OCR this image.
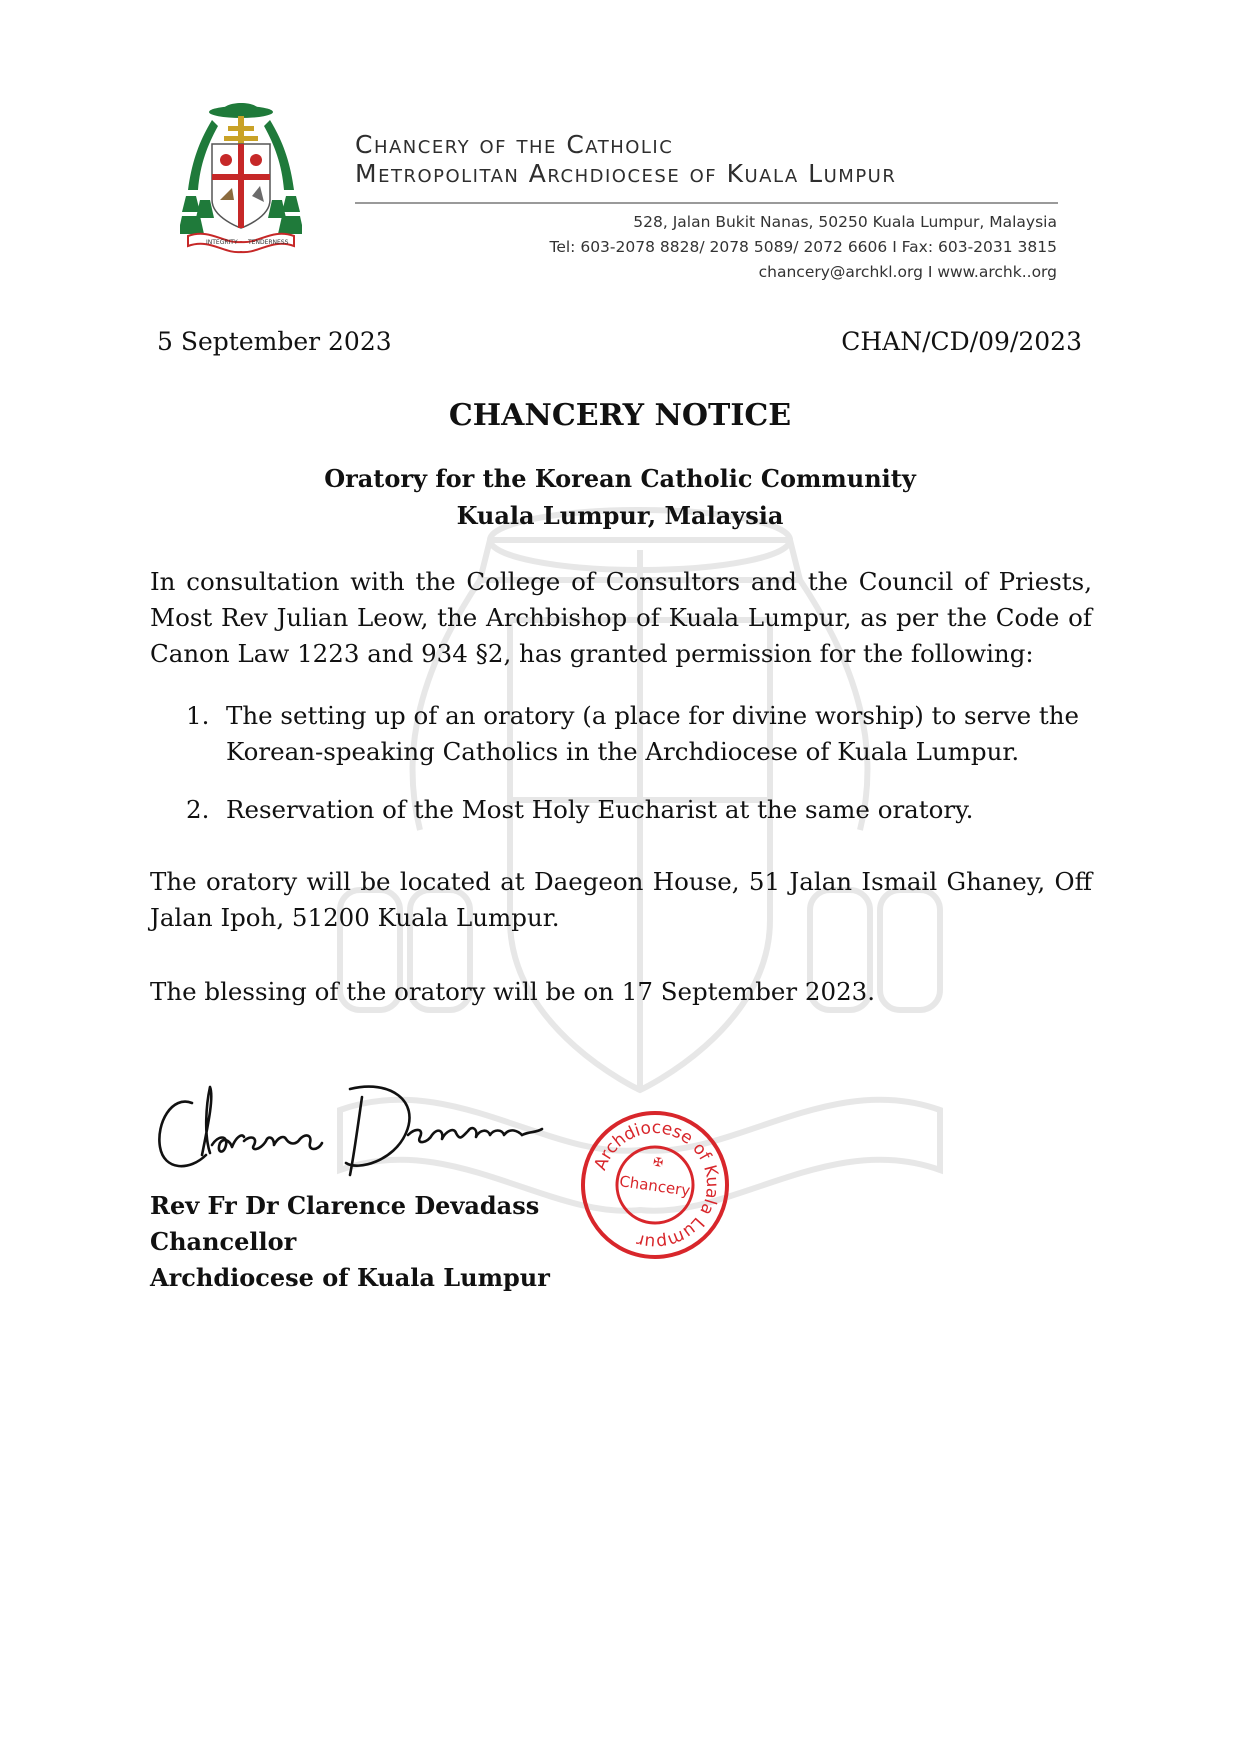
INTEGRITY TENDERNESS
Chancery of the Catholic
Metropolitan Archdiocese of Kuala Lumpur
528, Jalan Bukit Nanas, 50250 Kuala Lumpur, Malaysia
Tel: 603-2078 8828/ 2078 5089/ 2072 6606 I Fax: 603-2031 3815
chancery@archkl.org I www.archk..org
5 September 2023	CHAN/CD/09/2023
CHANCERY NOTICE
Oratory for the Korean Catholic Community
Kuala Lumpur, Malaysia
In consultation with the College of Consultors and the Council of Priests, Most Rev Julian Leow, the Archbishop of Kuala Lumpur, as per the Code of Canon Law 1223 and 934 §2, has granted permission for the following:
1. The setting up of an oratory (a place for divine worship) to serve the Korean-speaking Catholics in the Archdiocese of Kuala Lumpur.
2. Reservation of the Most Holy Eucharist at the same oratory.
The oratory will be located at Daegeon House, 51 Jalan Ismail Ghaney, Off Jalan Ipoh, 51200 Kuala Lumpur.
The blessing of the oratory will be on 17 September 2023.
Rev Fr Dr Clarence Devadass
Chancellor
Archdiocese of Kuala Lumpur
Archdiocese of Kuala Lumpur
Chancery
✠
